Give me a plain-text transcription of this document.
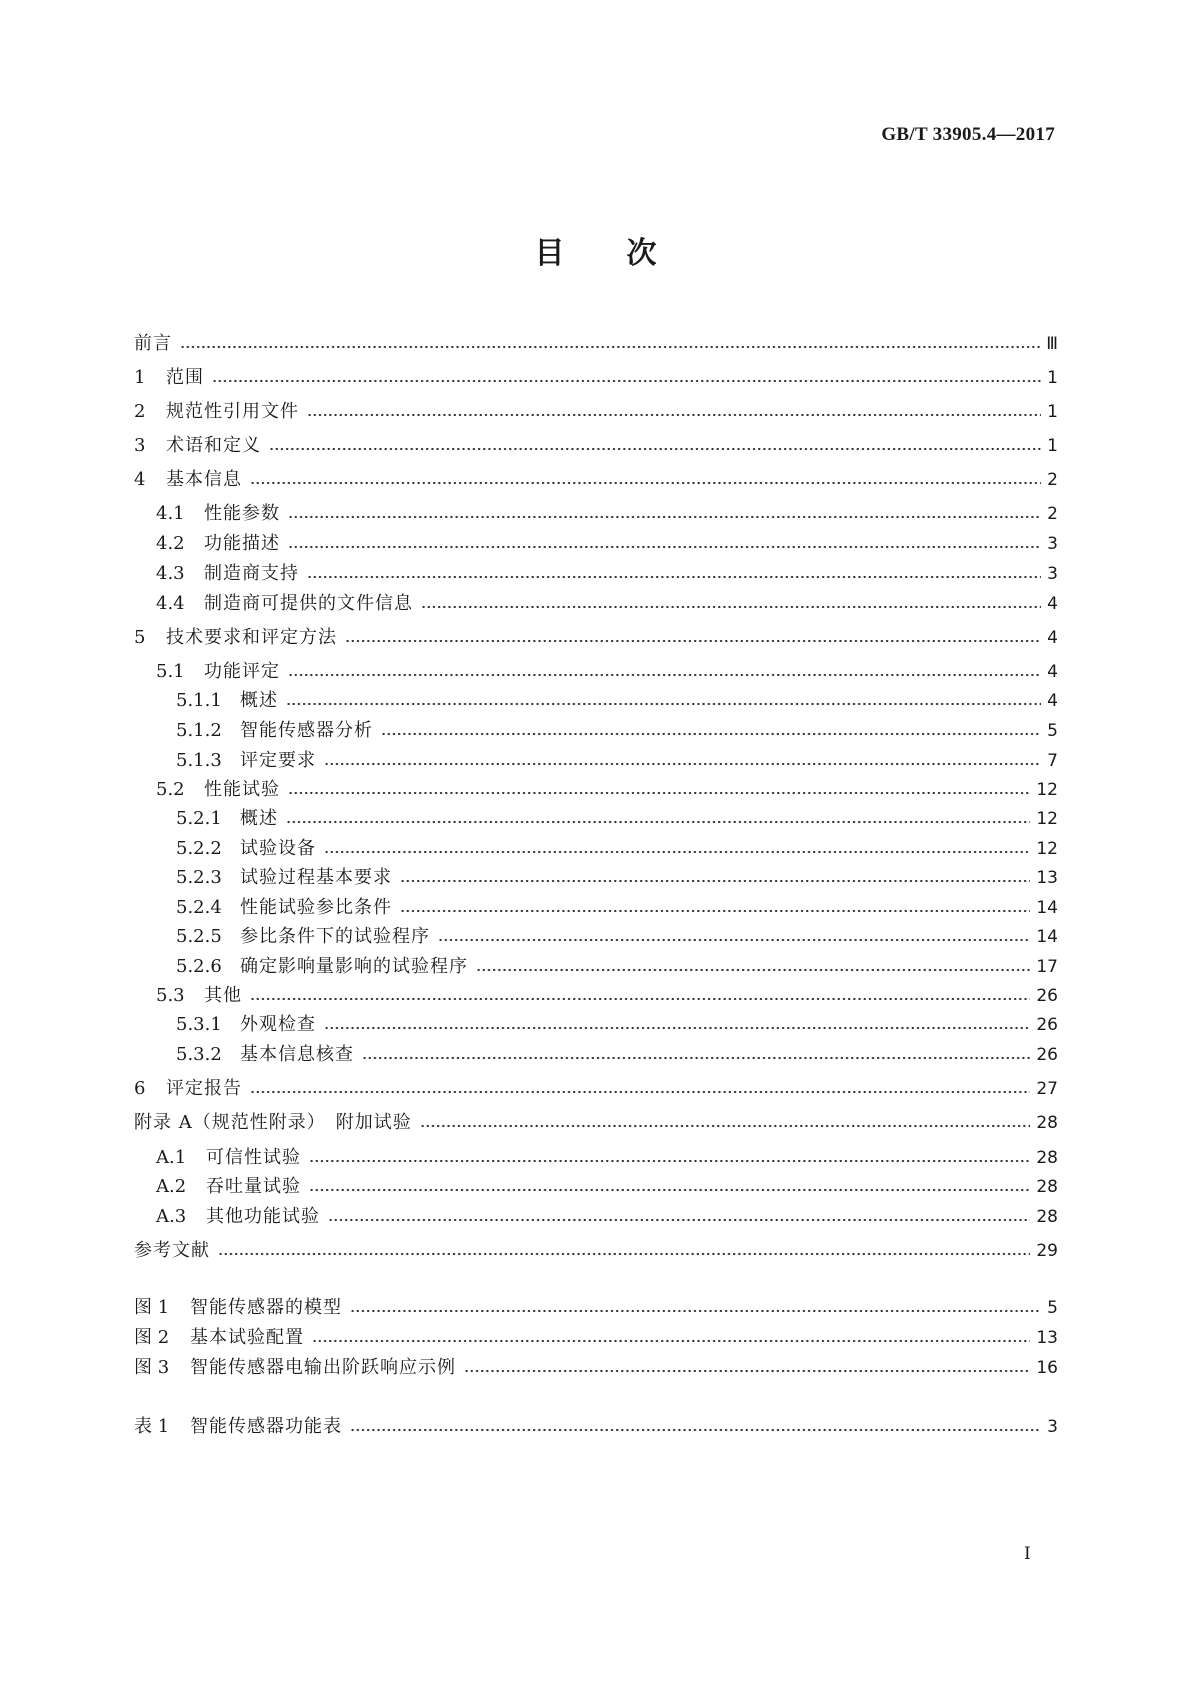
GB/T 33905.4—2017
目次
前言	Ⅲ
1	范围	1
2	规范性引用文件	1
3	术语和定义	1
4	基本信息	2
4.1	性能参数	2
4.2	功能描述	3
4.3	制造商支持	3
4.4	制造商可提供的文件信息	4
5	技术要求和评定方法	4
5.1	功能评定	4
5.1.1	概述	4
5.1.2	智能传感器分析	5
5.1.3	评定要求	7
5.2	性能试验	12
5.2.1	概述	12
5.2.2	试验设备	12
5.2.3	试验过程基本要求	13
5.2.4	性能试验参比条件	14
5.2.5	参比条件下的试验程序	14
5.2.6	确定影响量影响的试验程序	17
5.3	其他	26
5.3.1	外观检查	26
5.3.2	基本信息核查	26
6	评定报告	27
附录 A（规范性附录）　附加试验	28
A.1	可信性试验	28
A.2	吞吐量试验	28
A.3	其他功能试验	28
参考文献	29
图 1	智能传感器的模型	5
图 2	基本试验配置	13
图 3	智能传感器电输出阶跃响应示例	16
表 1	智能传感器功能表	3
I
